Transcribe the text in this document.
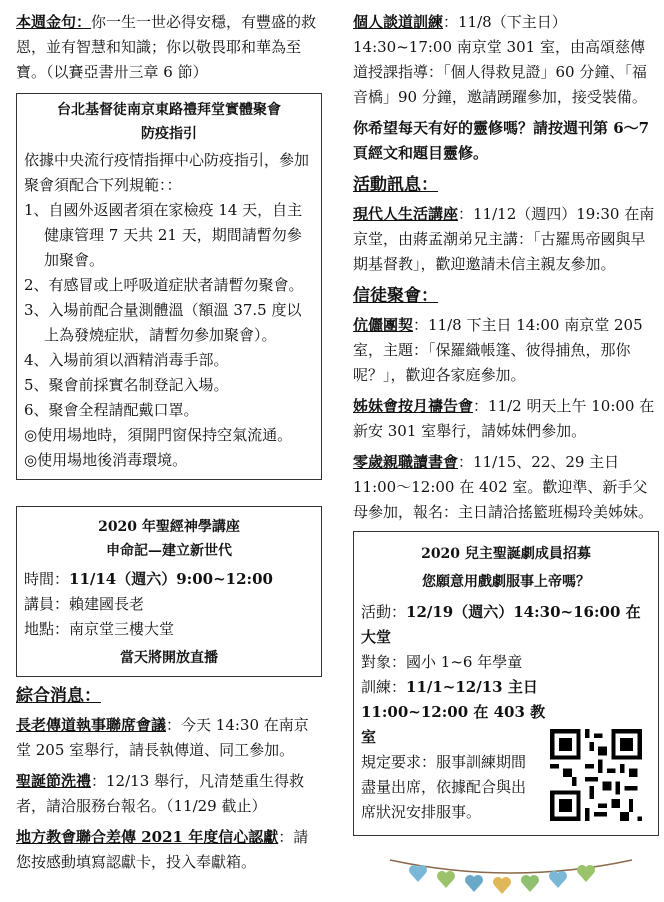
本週金句：你一生一世必得安穩，有豐盛的救恩，並有智慧和知識；你以敬畏耶和華為至寶。（以賽亞書卅三章 6 節）

台北基督徒南京東路禮拜堂實體聚會
防疫指引

依據中央流行疫情指揮中心防疫指引，參加聚會須配合下列規範：：

1、自國外返國者須在家檢疫 14 天，自主健康管理 7 天共 21 天，期間請暫勿參加聚會。
2、有感冒或上呼吸道症狀者請暫勿聚會。
3、入場前配合量測體溫（額溫 37.5 度以上為發燒症狀，請暫勿參加聚會）。
4、入場前須以酒精消毒手部。
5、聚會前採實名制登記入場。
6、聚會全程請配戴口罩。
◎使用場地時，須開門窗保持空氣流通。
◎使用場地後消毒環境。
2020 年聖經神學講座
申命記—建立新世代

時間：11/14（週六）9:00~12:00

講員：賴建國長老

地點：南京堂三樓大堂

當天將開放直播
綜合消息：

長老傳道執事聯席會議：今天 14:30 在南京堂 205 室舉行，請長執傳道、同工參加。

聖誕節洗禮：12/13 舉行，凡清楚重生得救者，請洽服務台報名。（11/29 截止）

地方教會聯合差傳 2021 年度信心認獻：請您按感動填寫認獻卡，投入奉獻箱。

個人談道訓練：11/8（下主日）14:30~17:00 南京堂 301 室，由高頌慈傳道授課指導：「個人得救見證」60 分鐘、「福音橋」90 分鐘，邀請踴躍參加，接受裝備。

你希望每天有好的靈修嗎？請按週刊第 6～7 頁經文和題目靈修。

活動訊息：

現代人生活講座：11/12（週四）19:30 在南京堂，由蔣孟潮弟兄主講：「古羅馬帝國與早期基督教」，歡迎邀請未信主親友參加。

信徒聚會：

伉儷團契：11/8 下主日 14:00 南京堂 205 室，主題：「保羅織帳篷、彼得捕魚，那你呢？」，歡迎各家庭參加。

姊妹會按月禱告會：11/2 明天上午 10:00 在新安 301 室舉行，請姊妹們參加。

零歲親職讀書會：11/15、22、29 主日 11:00～12:00 在 402 室。歡迎準、新手父母參加，報名：主日請洽搖籃班楊玲美姊妹。

2020 兒主聖誕劇成員招募
您願意用戲劇服事上帝嗎？

活動：12/19（週六）14:30~16:00 在大堂

對象：國小 1~6 年學童

訓練：11/1~12/13 主日 11:00~12:00 在 403 教室

規定要求：服事訓練期間盡量出席，依據配合與出席狀況安排服事。
